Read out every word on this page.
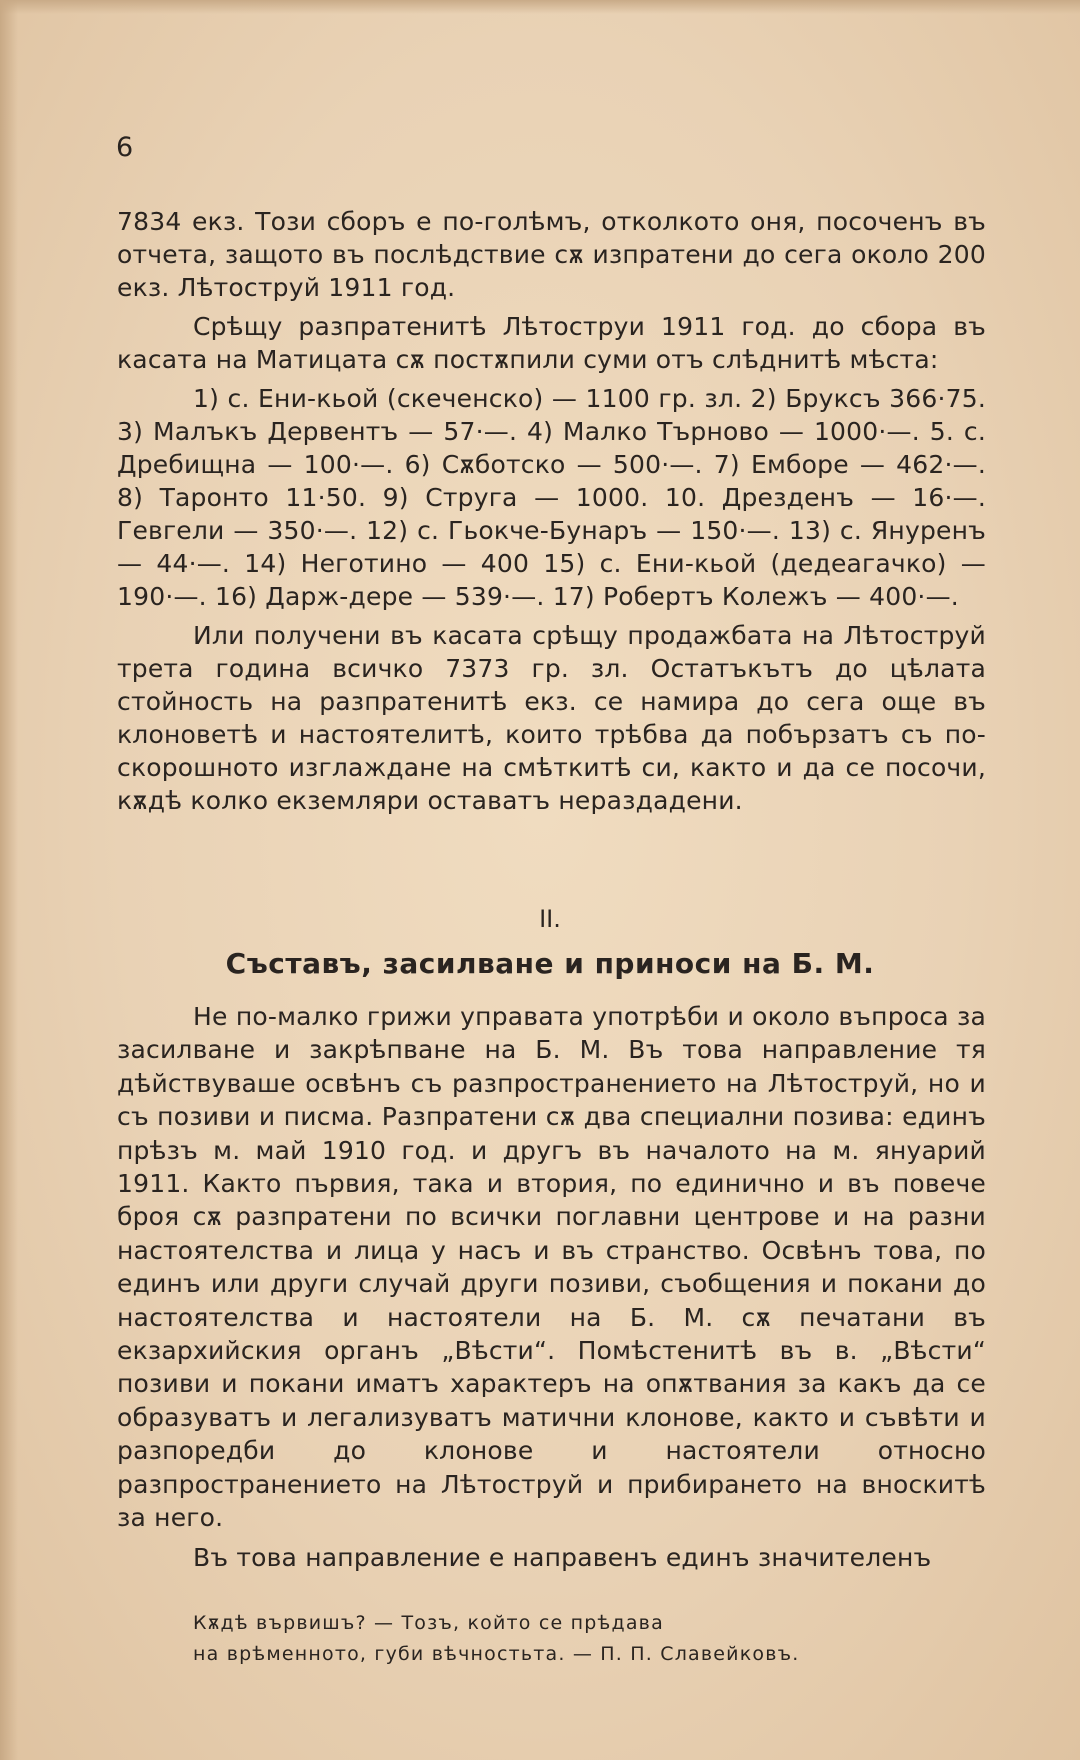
6

7834 екз. Този сборъ е по-голѣмъ, отколкото оня, посоченъ въ отчета, защото въ послѣдствие сѫ изпратени до сега около 200 екз. Лѣтоструй 1911 год.

Срѣщу разпратенитѣ Лѣтоструи 1911 год. до сбора въ касата на Матицата сѫ постѫпили суми отъ слѣднитѣ мѣста:

1) с. Ени-кьой (скеченско) — 1100 гр. зл. 2) Бруксъ 366·75. 3) Малъкъ Дервентъ — 57·—. 4) Малко Търново — 1000·—. 5. с. Дребищна — 100·—. 6) Сѫботско — 500·—. 7) Емборе — 462·—. 8) Таронто 11·50. 9) Струга — 1000. 10. Дрезденъ — 16·—. Гевгели — 350·—. 12) с. Гьокче-Бунаръ — 150·—. 13) с. Януренъ — 44·—. 14) Неготино — 400 15) с. Ени-кьой (дедеагачко) — 190·—. 16) Дарж-дере — 539·—. 17) Робертъ Колежъ — 400·—.

Или получени въ касата срѣщу продажбата на Лѣтоструй трета година всичко 7373 гр. зл. Остатъкътъ до цѣлата стойность на разпратенитѣ екз. се намира до сега още въ клоноветѣ и настоятелитѣ, които трѣбва да побързатъ съ по-скорошното изглаждане на смѣткитѣ си, както и да се посочи, кѫдѣ колко екземляри оставатъ нераздадени.

II.
Съставъ, засилване и приноси на Б. М.

Не по-малко грижи управата употрѣби и около въпроса за засилване и закрѣпване на Б. М. Въ това направление тя дѣйствуваше освѣнъ съ разпространението на Лѣтоструй, но и съ позиви и писма. Разпратени сѫ два специални позива: единъ прѣзъ м. май 1910 год. и другъ въ началото на м. януарий 1911. Както първия, така и втория, по единично и въ повече броя сѫ разпратени по всички поглавни центрове и на разни настоятелства и лица у насъ и въ странство. Освѣнъ това, по единъ или други случай други позиви, съобщения и покани до настоятелства и настоятели на Б. М. сѫ печатани въ екзархийския органъ „Вѣсти“. Помѣстенитѣ въ в. „Вѣсти“ позиви и покани иматъ характеръ на опѫтвания за какъ да се образуватъ и легализуватъ матични клонове, както и съвѣти и разпоредби до клонове и настоятели относно разпространението на Лѣтоструй и прибирането на вноскитѣ за него.

Въ това направление е направенъ единъ значителенъ

Кѫдѣ вървишъ? — Тозъ, който се прѣдава
на врѣменното, губи вѣчностьта. — П. П. Славейковъ.
